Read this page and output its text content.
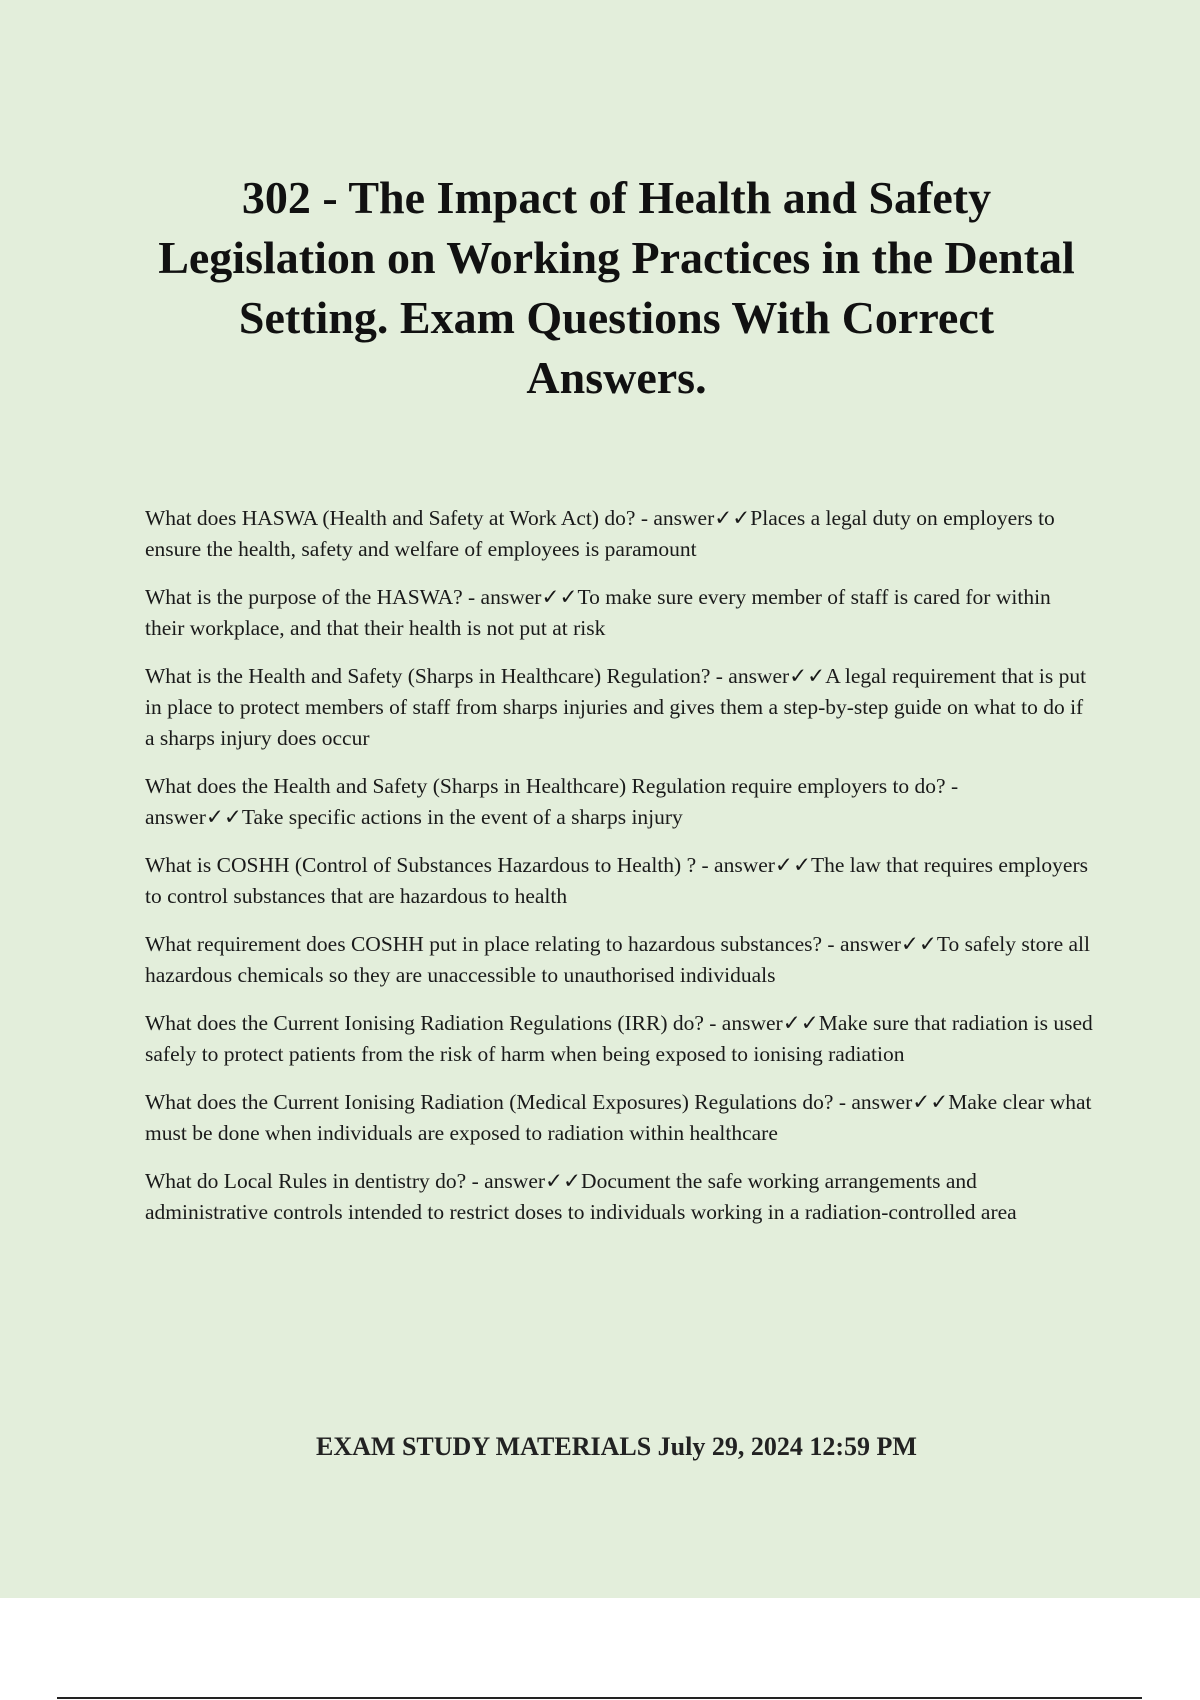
302 - The Impact of Health and Safety Legislation on Working Practices in the Dental Setting. Exam Questions With Correct Answers.
What does HASWA (Health and Safety at Work Act) do? - answer✓✓Places a legal duty on employers to ensure the health, safety and welfare of employees is paramount
What is the purpose of the HASWA? - answer✓✓To make sure every member of staff is cared for within their workplace, and that their health is not put at risk
What is the Health and Safety (Sharps in Healthcare) Regulation? - answer✓✓A legal requirement that is put in place to protect members of staff from sharps injuries and gives them a step-by-step guide on what to do if a sharps injury does occur
What does the Health and Safety (Sharps in Healthcare) Regulation require employers to do? - answer✓✓Take specific actions in the event of a sharps injury
What is COSHH (Control of Substances Hazardous to Health) ? - answer✓✓The law that requires employers to control substances that are hazardous to health
What requirement does COSHH put in place relating to hazardous substances? - answer✓✓To safely store all hazardous chemicals so they are unaccessible to unauthorised individuals
What does the Current Ionising Radiation Regulations (IRR) do? - answer✓✓Make sure that radiation is used safely to protect patients from the risk of harm when being exposed to ionising radiation
What does the Current Ionising Radiation (Medical Exposures) Regulations do? - answer✓✓Make clear what must be done when individuals are exposed to radiation within healthcare
What do Local Rules in dentistry do? - answer✓✓Document the safe working arrangements and administrative controls intended to restrict doses to individuals working in a radiation-controlled area
EXAM STUDY MATERIALS July 29, 2024 12:59 PM
